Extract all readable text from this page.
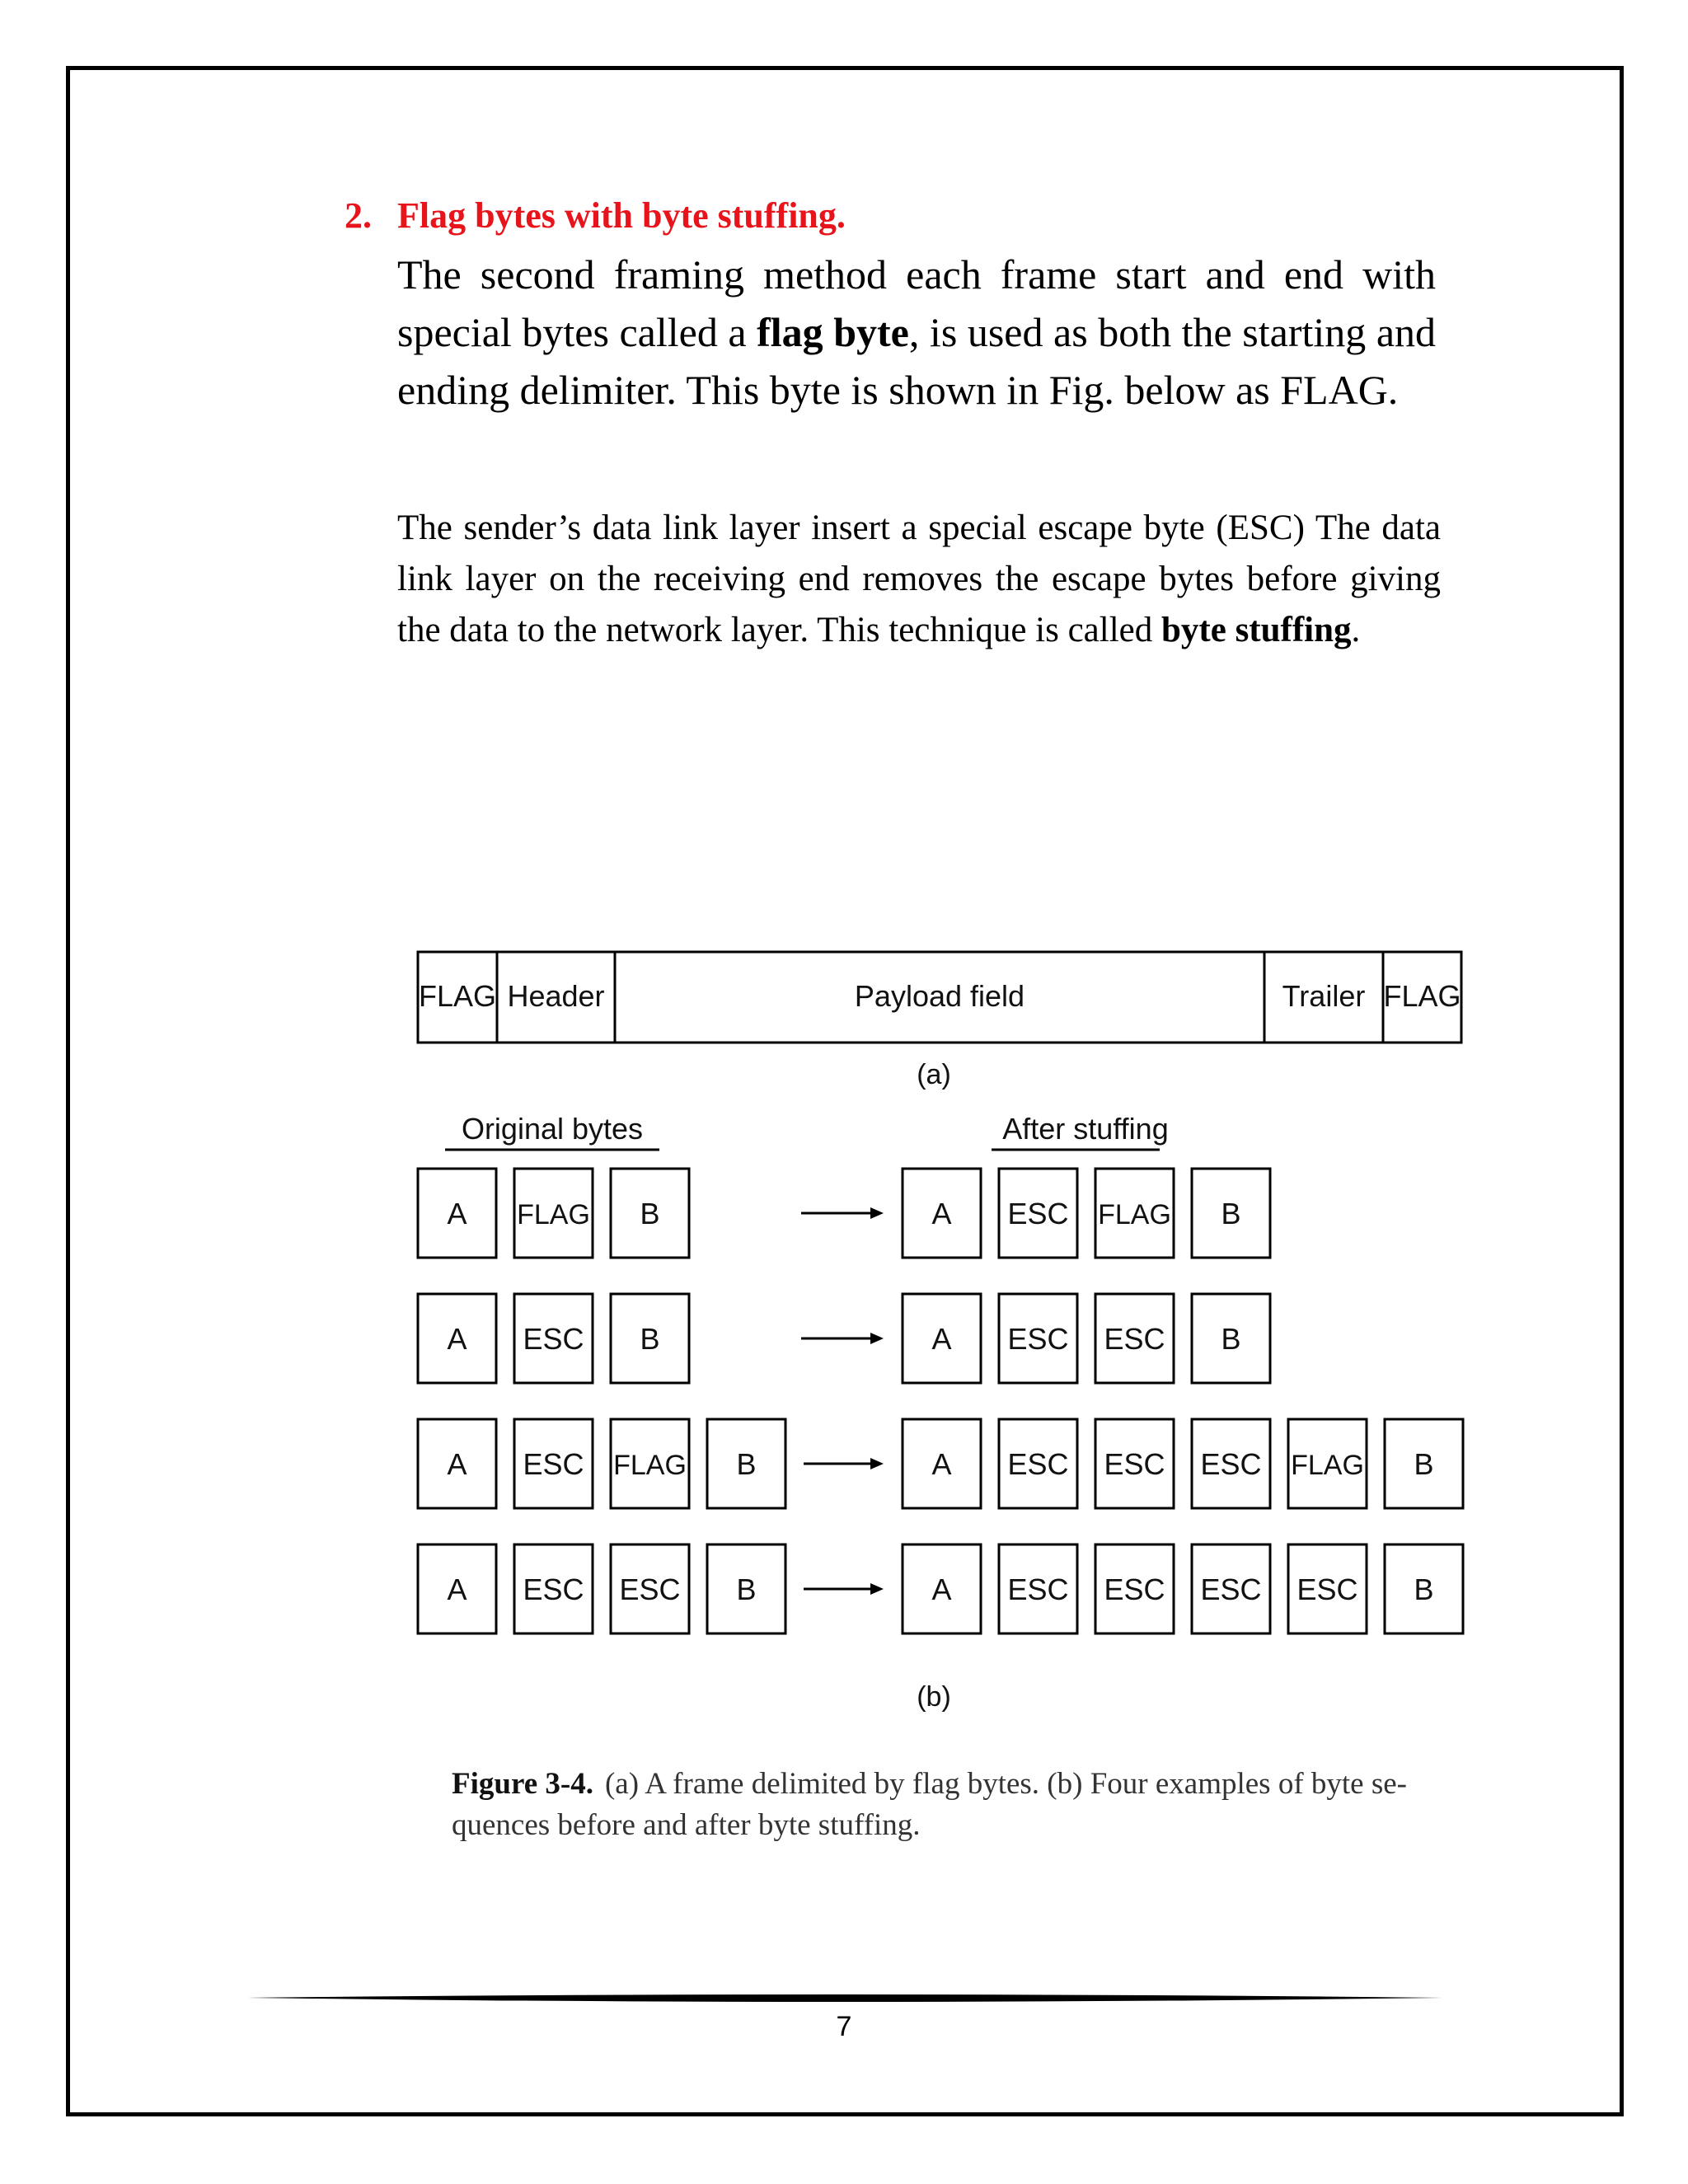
2. Flag bytes with byte stuffing.

The second framing method each frame start and end with special bytes called a flag byte, is used as both the starting and ending delimiter. This byte is shown in Fig. below as FLAG.

The sender’s data link layer insert a special escape byte (ESC) The data link layer on the receiving end removes the escape bytes before giving the data to the network layer. This technique is called byte stuffing.

FLAG Header	Payload field	Trailer FLAG
(a)
Original bytes	After stuffing
A FLAG B	A ESC FLAG B
A ESC B	A ESC ESC B
A ESC FLAG B	A ESC ESC ESC FLAG B
A ESC ESC B	A ESC ESC ESC ESC B
(b)

Figure 3-4. (a) A frame delimited by flag bytes. (b) Four examples of byte se-quences before and after byte stuffing.

7
